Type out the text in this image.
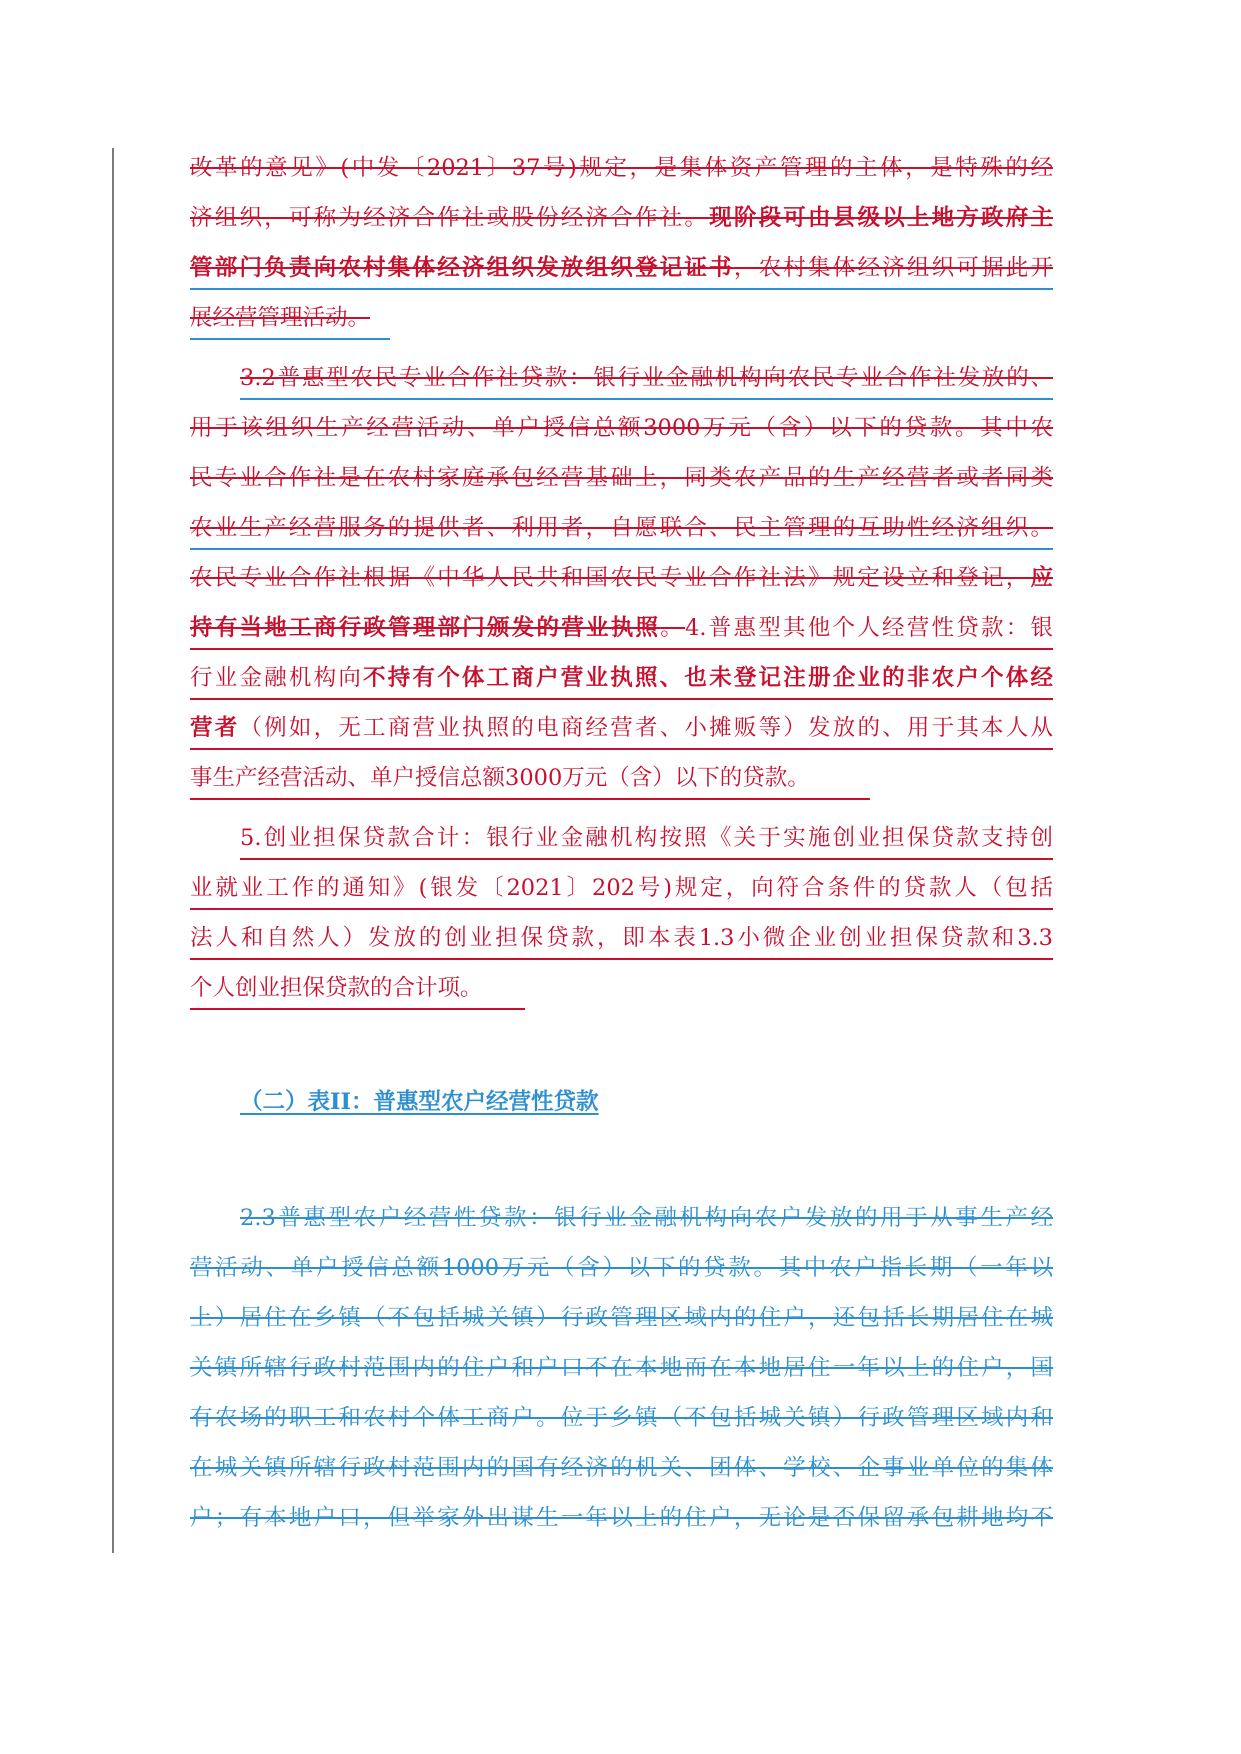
改革的意见》(中发〔2021〕37号)规定，是集体资产管理的主体，是特殊的经
济组织，可称为经济合作社或股份经济合作社。现阶段可由县级以上地方政府主
管部门负责向农村集体经济组织发放组织登记证书，农村集体经济组织可据此开
展经营管理活动。
3.2普惠型农民专业合作社贷款：银行业金融机构向农民专业合作社发放的、
用于该组织生产经营活动、单户授信总额3000万元（含）以下的贷款。其中农
民专业合作社是在农村家庭承包经营基础上，同类农产品的生产经营者或者同类
农业生产经营服务的提供者、利用者，自愿联合、民主管理的互助性经济组织。
农民专业合作社根据《中华人民共和国农民专业合作社法》规定设立和登记，应
持有当地工商行政管理部门颁发的营业执照。4.普惠型其他个人经营性贷款：银
行业金融机构向不持有个体工商户营业执照、也未登记注册企业的非农户个体经
营者（例如，无工商营业执照的电商经营者、小摊贩等）发放的、用于其本人从
事生产经营活动、单户授信总额3000万元（含）以下的贷款。
5.创业担保贷款合计：银行业金融机构按照《关于实施创业担保贷款支持创
业就业工作的通知》(银发〔2021〕202号)规定，向符合条件的贷款人（包括
法人和自然人）发放的创业担保贷款，即本表1.3小微企业创业担保贷款和3.3
个人创业担保贷款的合计项。
（二）表II：普惠型农户经营性贷款
2.3普惠型农户经营性贷款：银行业金融机构向农户发放的用于从事生产经
营活动、单户授信总额1000万元（含）以下的贷款。其中农户指长期（一年以
上）居住在乡镇（不包括城关镇）行政管理区域内的住户，还包括长期居住在城
关镇所辖行政村范围内的住户和户口不在本地而在本地居住一年以上的住户，国
有农场的职工和农村个体工商户。位于乡镇（不包括城关镇）行政管理区域内和
在城关镇所辖行政村范围内的国有经济的机关、团体、学校、企事业单位的集体
户；有本地户口，但举家外出谋生一年以上的住户，无论是否保留承包耕地均不
